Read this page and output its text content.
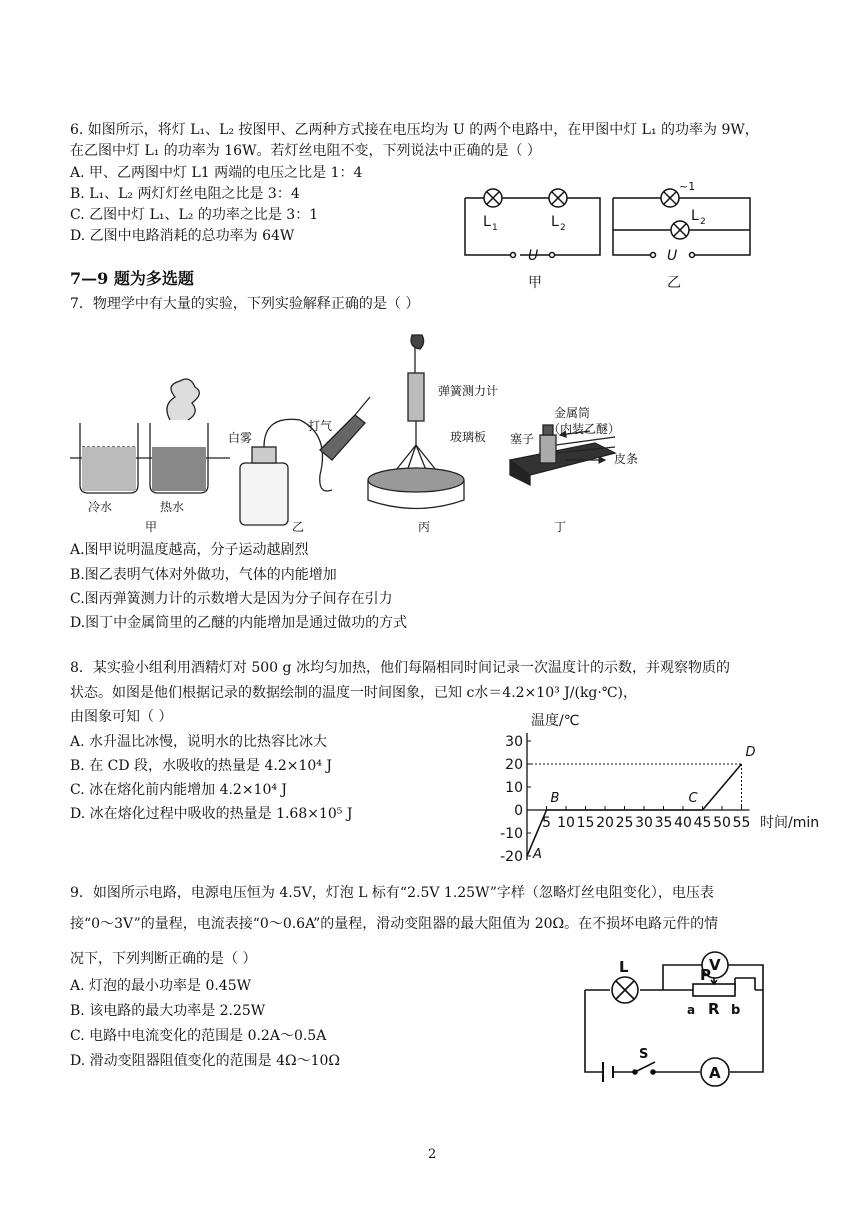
6. 如图所示，将灯 L₁、L₂ 按图甲、乙两种方式接在电压均为 U 的两个电路中，在甲图中灯 L₁ 的功率为 9W，
在乙图中灯 L₁ 的功率为 16W。若灯丝电阻不变，下列说法中正确的是（ ）
A. 甲、乙两图中灯 L1 两端的电压之比是 1：4
B. L₁、L₂ 两灯灯丝电阻之比是 3：4
C. 乙图中灯 L₁、L₂ 的功率之比是 3：1
D. 乙图中电路消耗的总功率为 64W
L 1	L 2
U
甲
~1
L 2
U
乙
7—9 题为多选题
7．物理学中有大量的实验，下列实验解释正确的是（ ）
冷水	热水
甲
白雾
打气
乙
弹簧测力计
玻璃板
丙
金属筒
（内装乙醚）
塞子
皮条
丁
A.图甲说明温度越高，分子运动越剧烈
B.图乙表明气体对外做功，气体的内能增加
C.图丙弹簧测力计的示数增大是因为分子间存在引力
D.图丁中金属筒里的乙醚的内能增加是通过做功的方式
8．某实验小组利用酒精灯对 500 g 冰均匀加热，他们每隔相同时间记录一次温度计的示数，并观察物质的
状态。如图是他们根据记录的数据绘制的温度一时间图象，已知 c水＝4.2×10³ J/(kg·℃)，
由图象可知（ ）
A. 水升温比冰慢，说明水的比热容比冰大
B. 在 CD 段，水吸收的热量是 4.2×10⁴ J
C. 冰在熔化前内能增加 4.2×10⁴ J
D. 冰在熔化过程中吸收的热量是 1.68×10⁵ J
30
20
10
0
-10
-20
5 10 15 20 25 30 35 40 45 50 55
A
B	C
D
温度/℃
时间/min
9．如图所示电路，电源电压恒为 4.5V，灯泡 L 标有“2.5V 1.25W”字样（忽略灯丝电阻变化），电压表
接“0～3V”的量程，电流表接“0～0.6A”的量程，滑动变阻器的最大阻值为 20Ω。在不损坏电路元件的情
况下，下列判断正确的是（ ）
A. 灯泡的最小功率是 0.45W
B. 该电路的最大功率是 2.25W
C. 电路中电流变化的范围是 0.2A～0.5A
D. 滑动变阻器阻值变化的范围是 4Ω～10Ω
L	V
P
a R b
S
A
2
